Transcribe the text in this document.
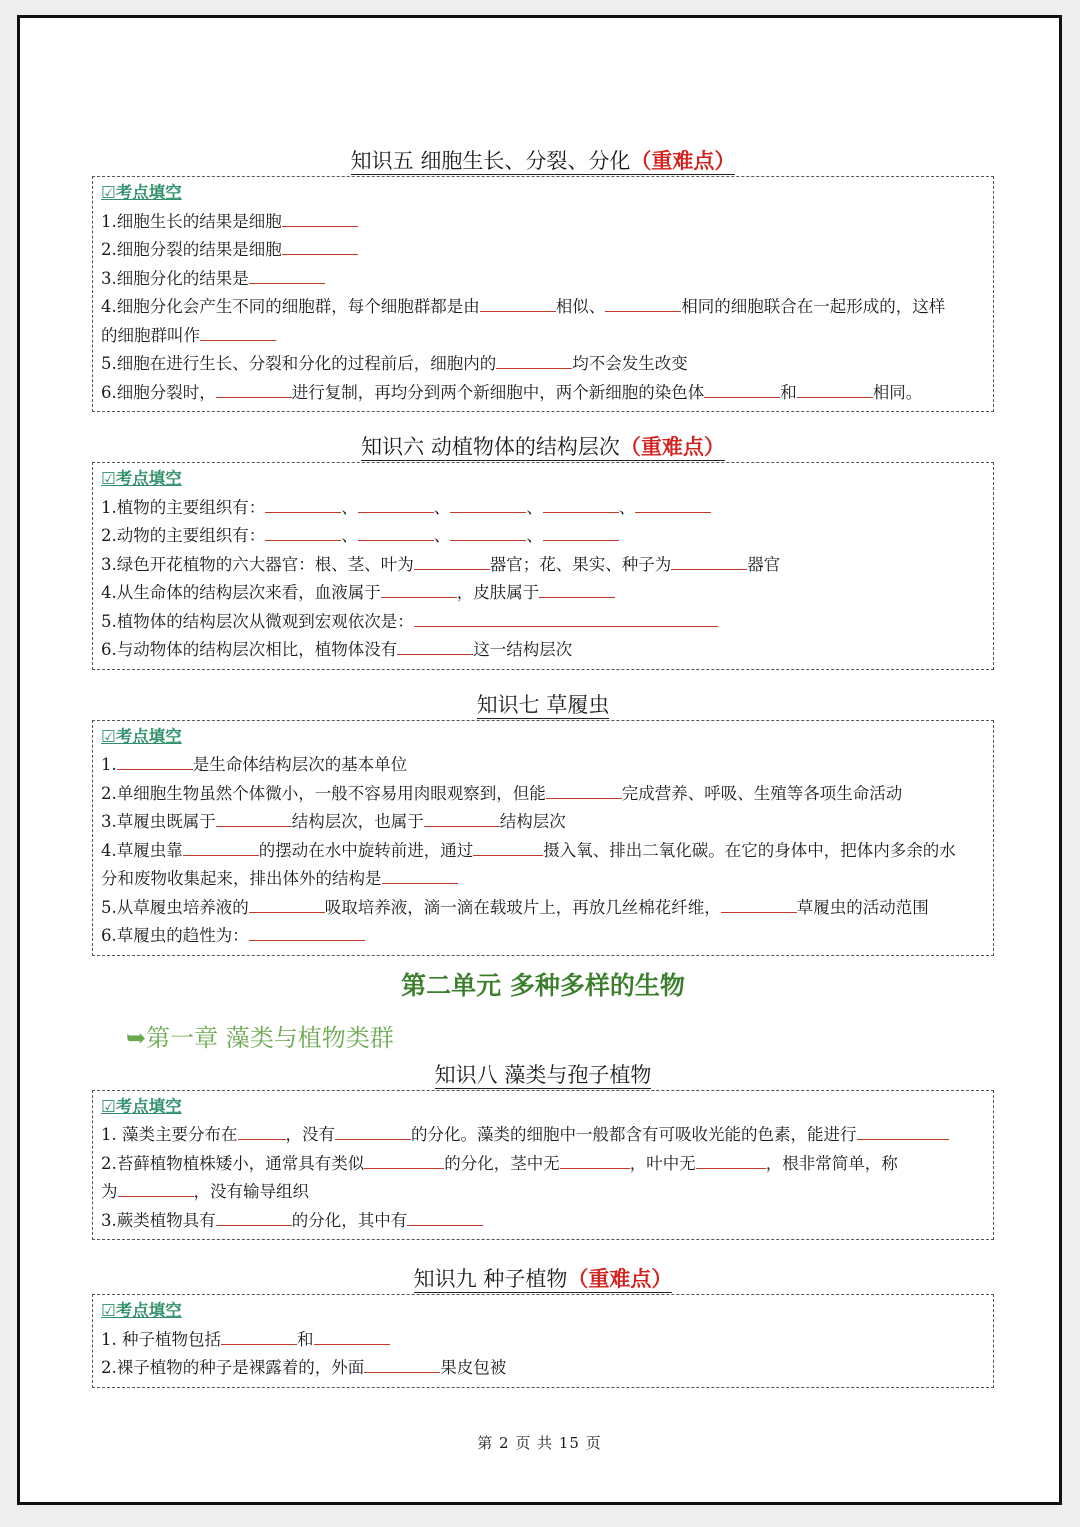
知识五 细胞生长、分裂、分化（重难点）
☑考点填空
1.细胞生长的结果是细胞
2.细胞分裂的结果是细胞
3.细胞分化的结果是
4.细胞分化会产生不同的细胞群，每个细胞群都是由	相似、	相同的细胞联合在一起形成的，这样
的细胞群叫作
5.细胞在进行生长、分裂和分化的过程前后，细胞内的	均不会发生改变
6.细胞分裂时，	进行复制，再均分到两个新细胞中，两个新细胞的染色体	和	相同。
知识六 动植物体的结构层次（重难点）
☑考点填空
1.植物的主要组织有：	、	、	、	、
2.动物的主要组织有：	、	、	、
3.绿色开花植物的六大器官：根、茎、叶为	器官；花、果实、种子为	器官
4.从生命体的结构层次来看，血液属于	，皮肤属于
5.植物体的结构层次从微观到宏观依次是：
6.与动物体的结构层次相比，植物体没有	这一结构层次
知识七 草履虫
☑考点填空
1.	是生命体结构层次的基本单位
2.单细胞生物虽然个体微小，一般不容易用肉眼观察到，但能	完成营养、呼吸、生殖等各项生命活动
3.草履虫既属于	结构层次，也属于	结构层次
4.草履虫靠	的摆动在水中旋转前进，通过	摄入氧、排出二氧化碳。在它的身体中，把体内多余的水
分和废物收集起来，排出体外的结构是
5.从草履虫培养液的	吸取培养液，滴一滴在载玻片上，再放几丝棉花纤维，	草履虫的活动范围
6.草履虫的趋性为：
第二单元 多种多样的生物
➥第一章 藻类与植物类群
知识八 藻类与孢子植物
☑考点填空
1. 藻类主要分布在	，没有	的分化。藻类的细胞中一般都含有可吸收光能的色素，能进行
2.苔藓植物植株矮小，通常具有类似	的分化，茎中无	，叶中无	，根非常简单，称
为	，没有输导组织
3.蕨类植物具有	的分化，其中有
知识九 种子植物（重难点）
☑考点填空
1. 种子植物包括	和
2.裸子植物的种子是裸露着的，外面	果皮包被
第 2 页 共 15 页
